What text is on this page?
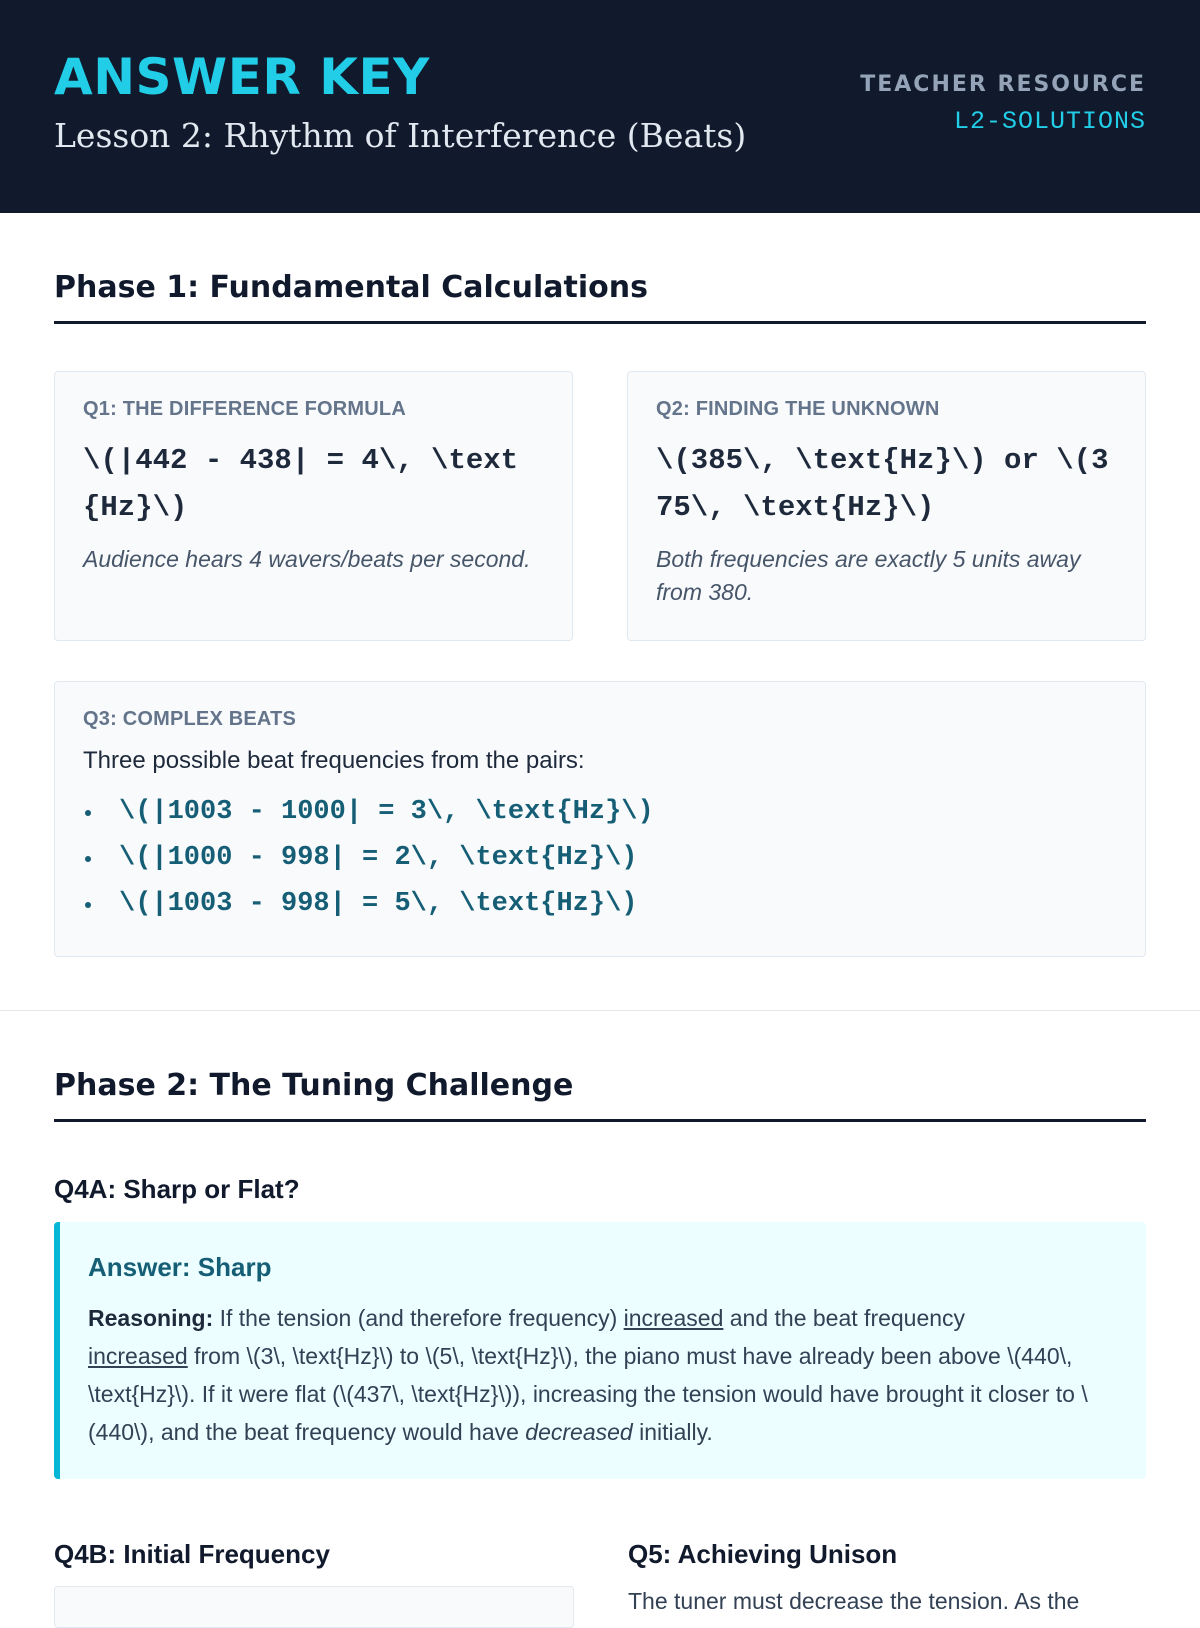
ANSWER KEY
Lesson 2: Rhythm of Interference (Beats)
TEACHER RESOURCE
L2-SOLUTIONS
Phase 1: Fundamental Calculations
Q1: THE DIFFERENCE FORMULA
\(|442 - 438| = 4\, \text{Hz}\)
Audience hears 4 wavers/beats per second.
Q2: FINDING THE UNKNOWN
\(385\, \text{Hz}\) or \(375\, \text{Hz}\)
Both frequencies are exactly 5 units away from 380.
Q3: COMPLEX BEATS
Three possible beat frequencies from the pairs:
\(|1003 - 1000| = 3\, \text{Hz}\)
\(|1000 - 998| = 2\, \text{Hz}\)
\(|1003 - 998| = 5\, \text{Hz}\)
Phase 2: The Tuning Challenge
Q4A: Sharp or Flat?
Answer: Sharp
Reasoning: If the tension (and therefore frequency) increased and the beat frequency
increased from \(3\, \text{Hz}\) to \(5\, \text{Hz}\), the piano must have already been above \(440\, \text{Hz}\). If it were flat (\(437\, \text{Hz}\)), increasing the tension would have brought it closer to \(440\), and the beat frequency would have decreased initially.
Q4B: Initial Frequency	Q5: Achieving Unison
The tuner must decrease the tension. As the
